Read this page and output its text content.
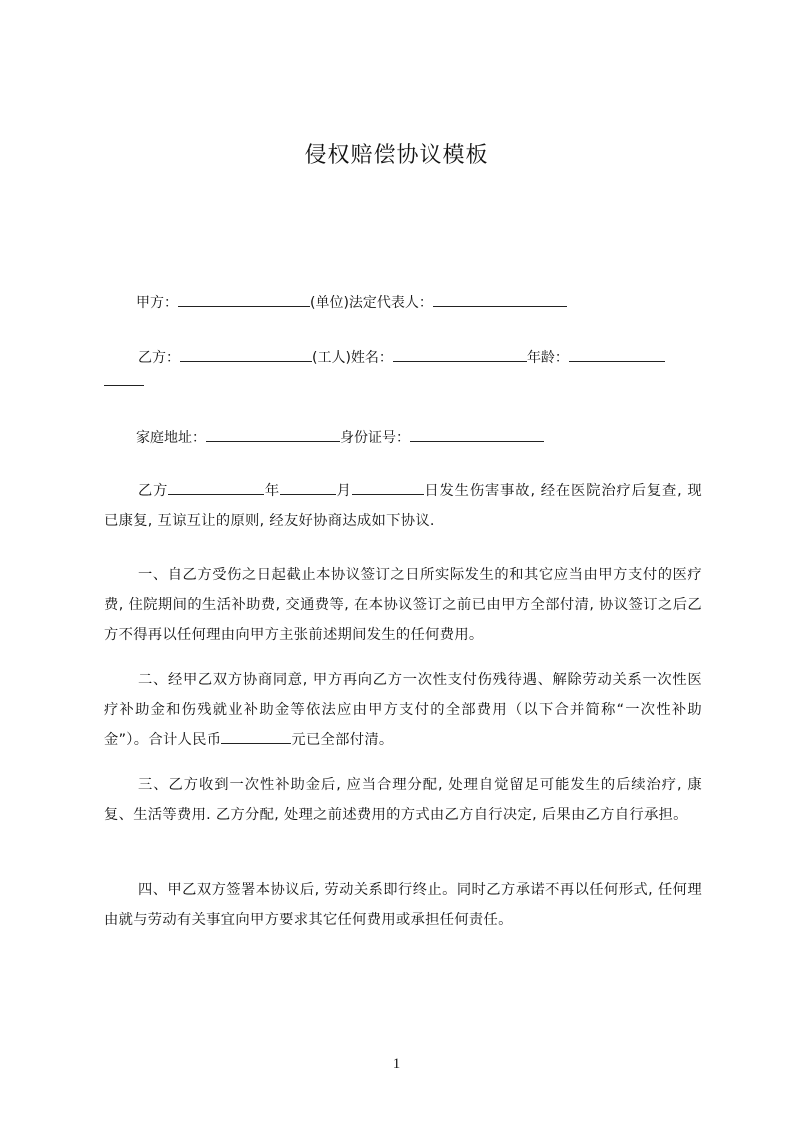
侵权赔偿协议模板
甲方：	(单位)法定代表人：
乙方：	(工人)姓名：	年龄：
家庭地址：	身份证号：
乙方	年	月	日发生伤害事故, 经在医院治疗后复查, 现已康复, 互谅互让的原则, 经友好协商达成如下协议.
一、自乙方受伤之日起截止本协议签订之日所实际发生的和其它应当由甲方支付的医疗费, 住院期间的生活补助费, 交通费等, 在本协议签订之前已由甲方全部付清, 协议签订之后乙方不得再以任何理由向甲方主张前述期间发生的任何费用。
二、经甲乙双方协商同意, 甲方再向乙方一次性支付伤残待遇、解除劳动关系一次性医疗补助金和伤残就业补助金等依法应由甲方支付的全部费用（以下合并简称“一次性补助金”）。合计人民币	元已全部付清。
三、乙方收到一次性补助金后, 应当合理分配, 处理自觉留足可能发生的后续治疗, 康复、生活等费用. 乙方分配, 处理之前述费用的方式由乙方自行决定, 后果由乙方自行承担。
四、甲乙双方签署本协议后, 劳动关系即行终止。同时乙方承诺不再以任何形式, 任何理由就与劳动有关事宜向甲方要求其它任何费用或承担任何责任。
1
